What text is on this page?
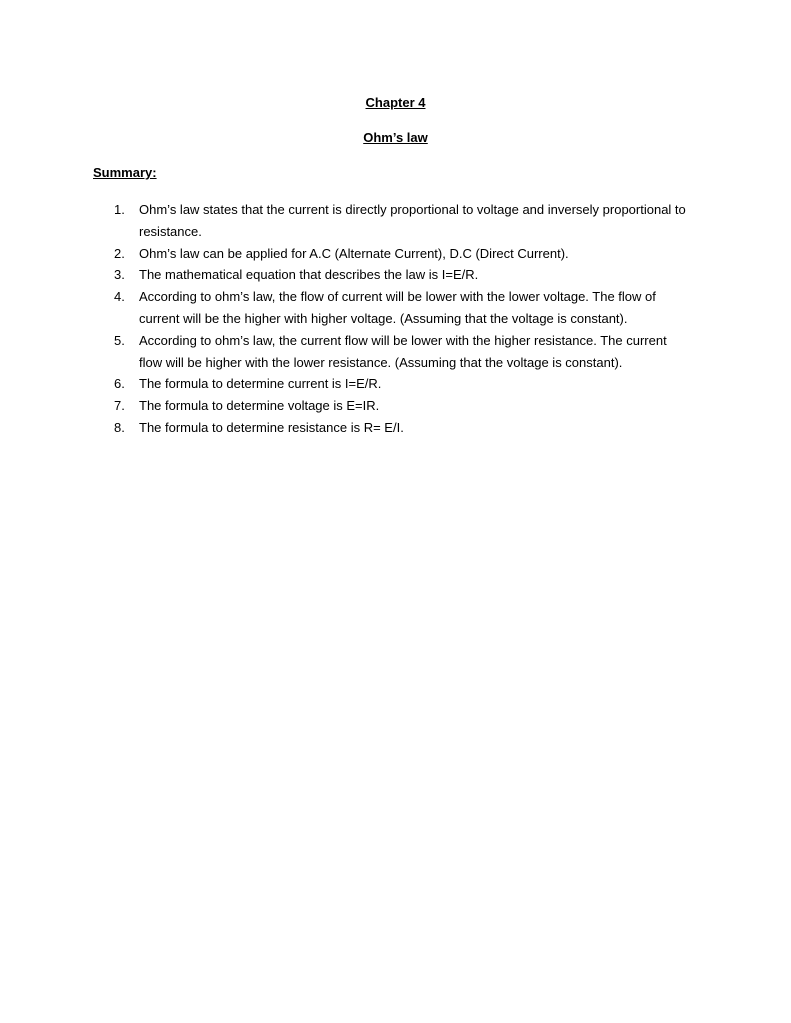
Chapter 4
Ohm’s law
Summary:
1. Ohm’s law states that the current is directly proportional to voltage and inversely proportional to resistance.
2. Ohm’s law can be applied for A.C (Alternate Current), D.C (Direct Current).
3. The mathematical equation that describes the law is I=E/R.
4. According to ohm’s law, the flow of current will be lower with the lower voltage. The flow of current will be the higher with higher voltage. (Assuming that the voltage is constant).
5. According to ohm’s law, the current flow will be lower with the higher resistance. The current flow will be higher with the lower resistance. (Assuming that the voltage is constant).
6. The formula to determine current is I=E/R.
7. The formula to determine voltage is E=IR.
8. The formula to determine resistance is R= E/I.
